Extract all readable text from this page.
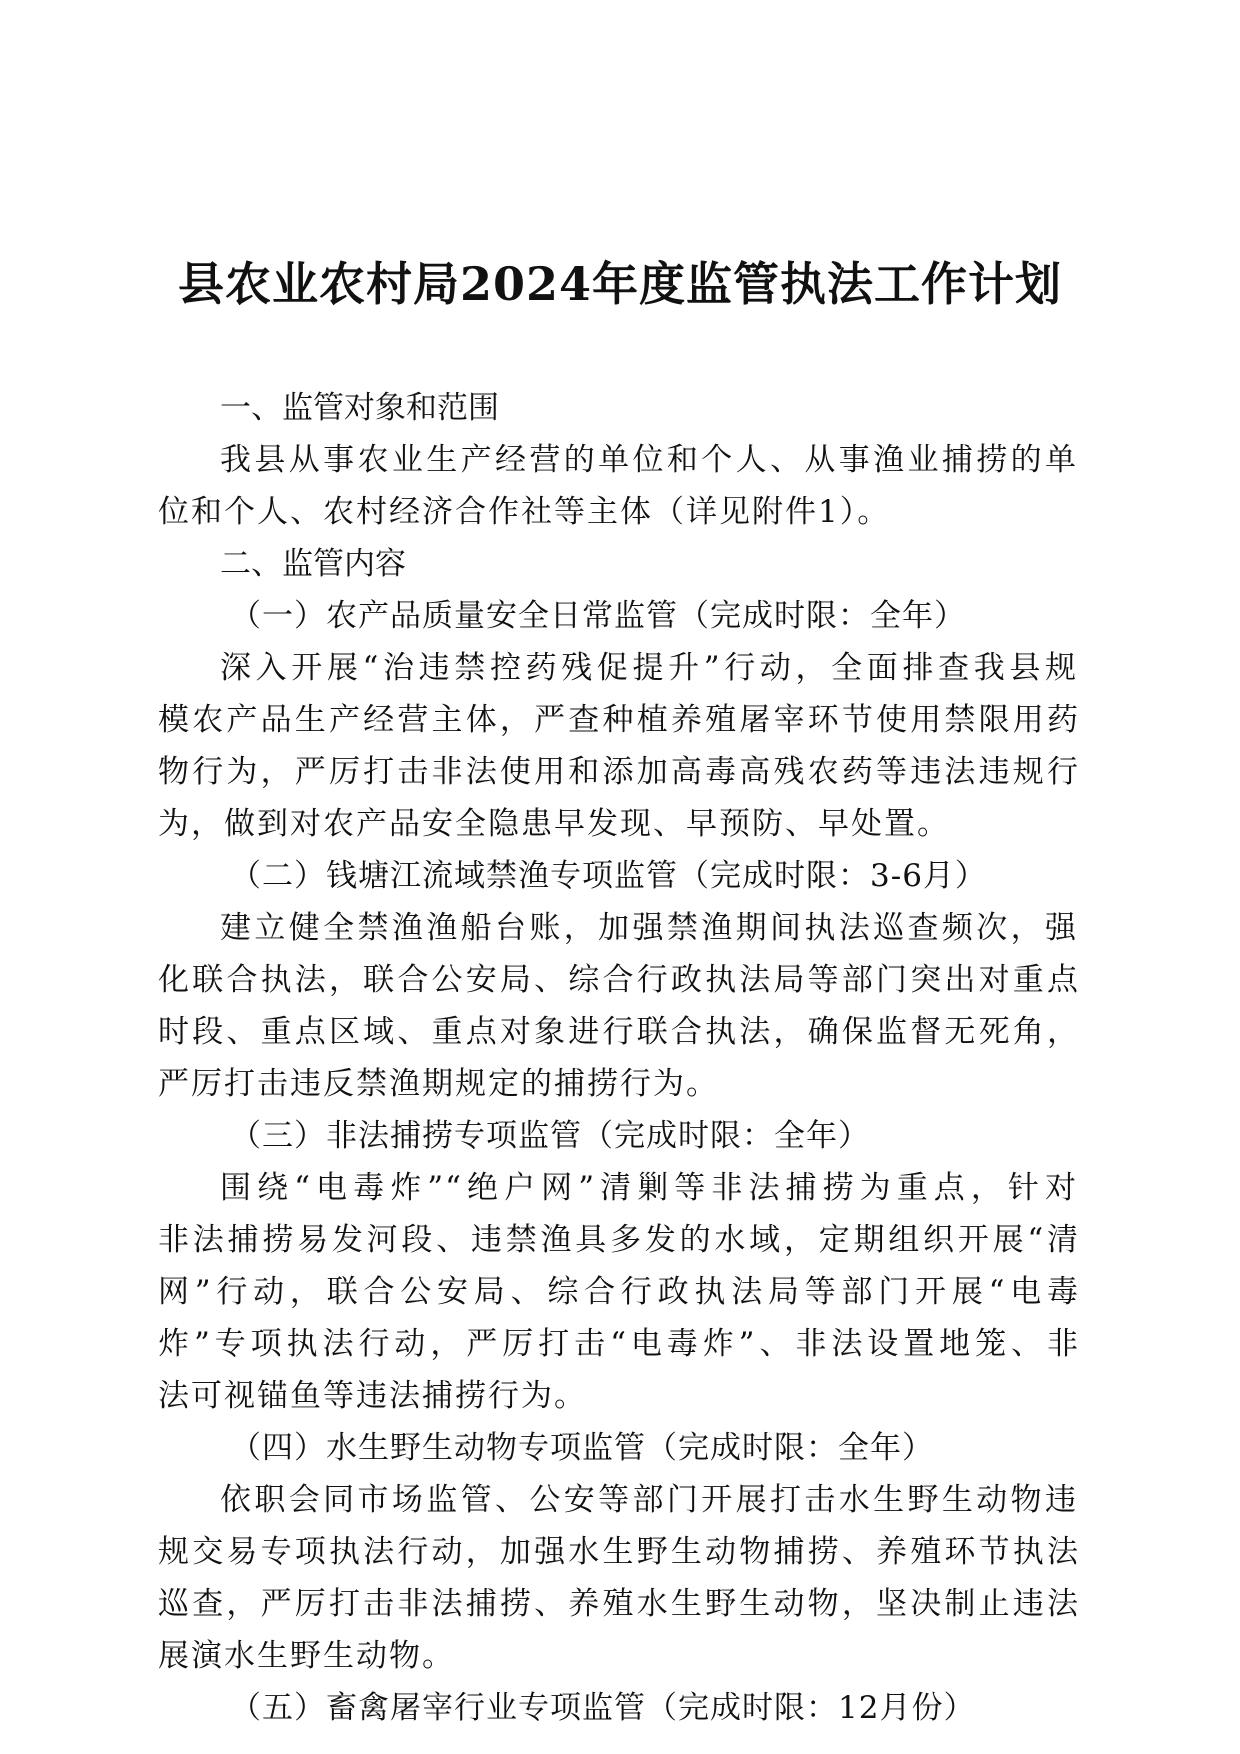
县农业农村局2024年度监管执法工作计划
一、监管对象和范围
我县从事农业生产经营的单位和个人、从事渔业捕捞的单
位和个人、农村经济合作社等主体（详见附件1）。
二、监管内容
（一）农产品质量安全日常监管（完成时限：全年）
深入开展“治违禁控药残促提升”行动，全面排查我县规
模农产品生产经营主体，严查种植养殖屠宰环节使用禁限用药
物行为，严厉打击非法使用和添加高毒高残农药等违法违规行
为，做到对农产品安全隐患早发现、早预防、早处置。
（二）钱塘江流域禁渔专项监管（完成时限：3-6月）
建立健全禁渔渔船台账，加强禁渔期间执法巡查频次，强
化联合执法，联合公安局、综合行政执法局等部门突出对重点
时段、重点区域、重点对象进行联合执法，确保监督无死角，
严厉打击违反禁渔期规定的捕捞行为。
（三）非法捕捞专项监管（完成时限：全年）
围绕“电毒炸”“绝户网”清剿等非法捕捞为重点，针对
非法捕捞易发河段、违禁渔具多发的水域，定期组织开展“清
网”行动，联合公安局、综合行政执法局等部门开展“电毒
炸”专项执法行动，严厉打击“电毒炸”、非法设置地笼、非
法可视锚鱼等违法捕捞行为。
（四）水生野生动物专项监管（完成时限：全年）
依职会同市场监管、公安等部门开展打击水生野生动物违
规交易专项执法行动，加强水生野生动物捕捞、养殖环节执法
巡查，严厉打击非法捕捞、养殖水生野生动物，坚决制止违法
展演水生野生动物。
（五）畜禽屠宰行业专项监管（完成时限：12月份）
